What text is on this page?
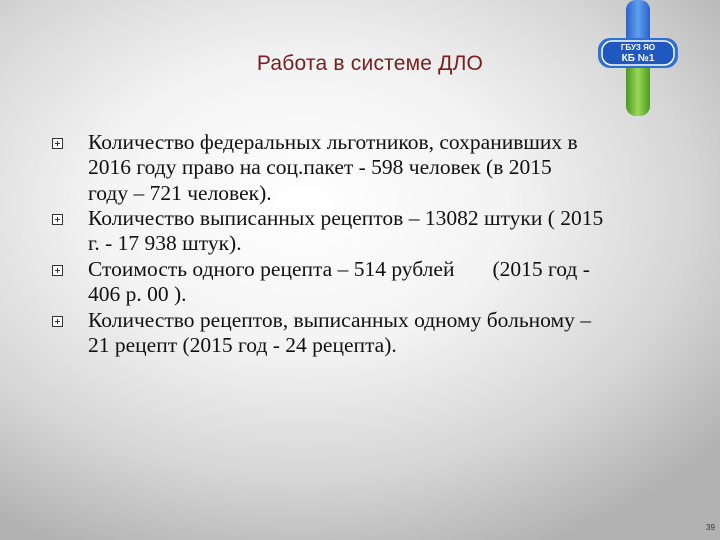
Работа в системе ДЛО
ГБУЗ ЯО
КБ №1
Количество федеральных льготников, сохранивших в
2016 году право на соц.пакет - 598 человек (в 2015
году – 721 человек).
Количество выписанных рецептов – 13082 штуки ( 2015
г. - 17 938 штук).
Стоимость одного рецепта – 514 рублей (2015 год -
406 р. 00 ).
Количество рецептов, выписанных одному больному –
21 рецепт (2015 год - 24 рецепта).
39
